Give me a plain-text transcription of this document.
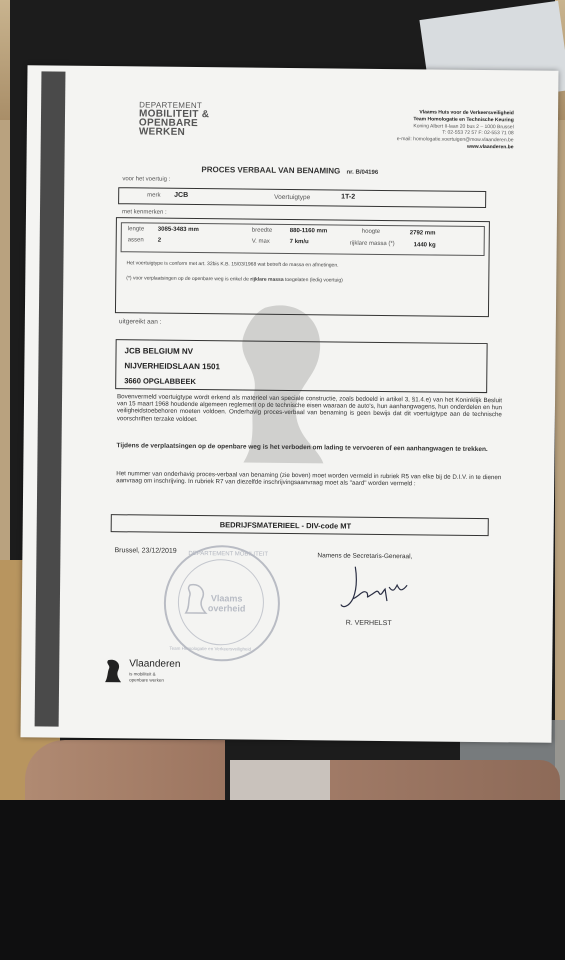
DEPARTEMENT
MOBILITEIT &
OPENBARE
WERKEN
Vlaams Huis voor de Verkeersveiligheid
Team Homologatie en Technische Keuring
Koning Albert II-laan 20 bus 2 – 1000 Brussel
T: 02-553 72 57 F: 02-553 71 08
e-mail: homologatie.voertuigen@mow.vlaanderen.be
www.vlaanderen.be
PROCES VERBAAL VAN BENAMING nr. B/04196
voor het voertuig :
merk JCB	Voertuigtype	1T-2
met kenmerken :
lengte 3085-3483 mm	breedte	880-1160 mm	hoogte	2792 mm
assen 2	V. max	7 km/u	rijklare massa (*)	1440 kg
Het voertuigtype is conform met art. 32bis K.B. 15/03/1968 wat betreft de massa en afmetingen.
(*) voor verplaatsingen op de openbare weg is enkel de rijklare massa toegelaten (ledig voertuig)
uitgereikt aan :
JCB BELGIUM NV
NIJVERHEIDSLAAN 1501
3660 OPGLABBEEK
Bovenvermeld voertuigtype wordt erkend als materieel van speciale constructie, zoals bedoeld in artikel 3, §1.4.e) van het Koninklijk Besluit van 15 maart 1968 houdende algemeen reglement op de technische eisen waaraan de auto's, hun aanhangwagens, hun onderdelen en hun veiligheidstoebehoren moeten voldoen. Onderhavig proces-verbaal van benaming is geen bewijs dat dit voertuigtype aan de technische voorschriften terzake voldoet.
Tijdens de verplaatsingen op de openbare weg is het verboden om lading te vervoeren of een aanhangwagen te trekken.
Het nummer van onderhavig proces-verbaal van benaming (zie boven) moet worden vermeld in rubriek R5 van elke bij de D.I.V. in te dienen aanvraag om inschrijving. In rubriek R7 van diezelfde inschrijvingsaanvraag moet als "aard" worden vermeld :
BEDRIJFSMATERIEEL - DIV-code MT
Brussel, 23/12/2019
Namens de Secretaris-Generaal,
DEPARTEMENT MOBILITEIT
Team Homologatie en Verkeersveiligheid
Vlaams
overheid
R. VERHELST
Vlaanderen
is mobiliteit &
openbare werken
